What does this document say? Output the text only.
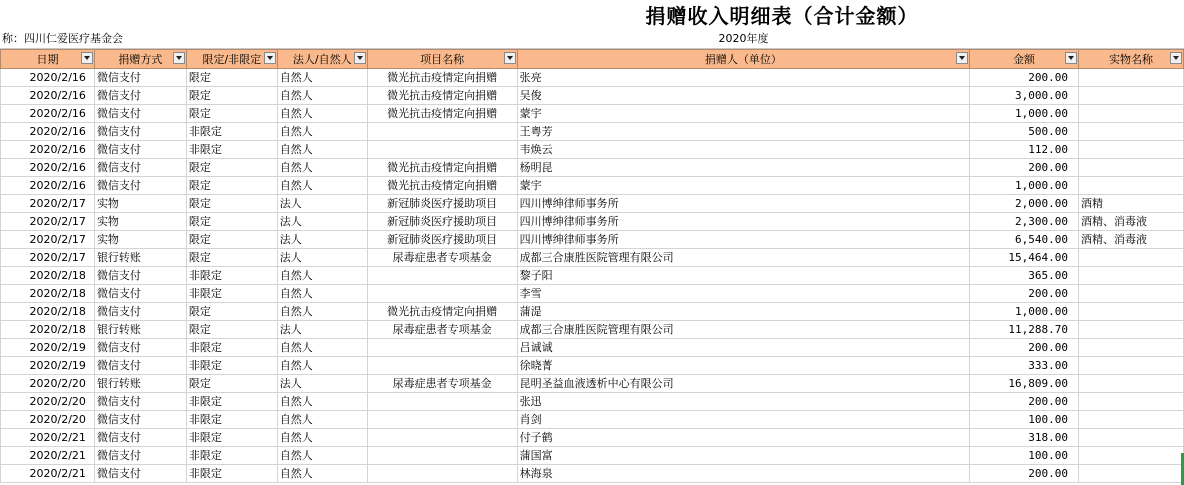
捐赠收入明细表（合计金额）
称：四川仁爱医疗基金会	2020年度
日期	捐赠方式	限定/非限定	法人/自然人	项目名称	捐赠人（单位）	金额	实物名称

2020/2/16	微信支付	限定	自然人	微光抗击疫情定向捐赠	张亮	200.00	
2020/2/16	微信支付	限定	自然人	微光抗击疫情定向捐赠	吴俊	3,000.00	
2020/2/16	微信支付	限定	自然人	微光抗击疫情定向捐赠	蒙宇	1,000.00	
2020/2/16	微信支付	非限定	自然人		王粤芳	500.00	
2020/2/16	微信支付	非限定	自然人		韦焕云	112.00	
2020/2/16	微信支付	限定	自然人	微光抗击疫情定向捐赠	杨明昆	200.00	
2020/2/16	微信支付	限定	自然人	微光抗击疫情定向捐赠	蒙宇	1,000.00	
2020/2/17	实物	限定	法人	新冠肺炎医疗援助项目	四川博绅律师事务所	2,000.00	酒精
2020/2/17	实物	限定	法人	新冠肺炎医疗援助项目	四川博绅律师事务所	2,300.00	酒精、消毒液
2020/2/17	实物	限定	法人	新冠肺炎医疗援助项目	四川博绅律师事务所	6,540.00	酒精、消毒液
2020/2/17	银行转账	限定	法人	尿毒症患者专项基金	成都三合康胜医院管理有限公司	15,464.00	
2020/2/18	微信支付	非限定	自然人		黎子阳	365.00	
2020/2/18	微信支付	非限定	自然人		李雪	200.00	
2020/2/18	微信支付	限定	自然人	微光抗击疫情定向捐赠	蒲湜	1,000.00	
2020/2/18	银行转账	限定	法人	尿毒症患者专项基金	成都三合康胜医院管理有限公司	11,288.70	
2020/2/19	微信支付	非限定	自然人		吕诚诚	200.00	
2020/2/19	微信支付	非限定	自然人		徐晓菁	333.00	
2020/2/20	银行转账	限定	法人	尿毒症患者专项基金	昆明圣益血液透析中心有限公司	16,809.00	
2020/2/20	微信支付	非限定	自然人		张迅	200.00	
2020/2/20	微信支付	非限定	自然人		肖剑	100.00	
2020/2/21	微信支付	非限定	自然人		付子鹤	318.00	
2020/2/21	微信支付	非限定	自然人		蒲国富	100.00	
2020/2/21	微信支付	非限定	自然人		林海泉	200.00	
